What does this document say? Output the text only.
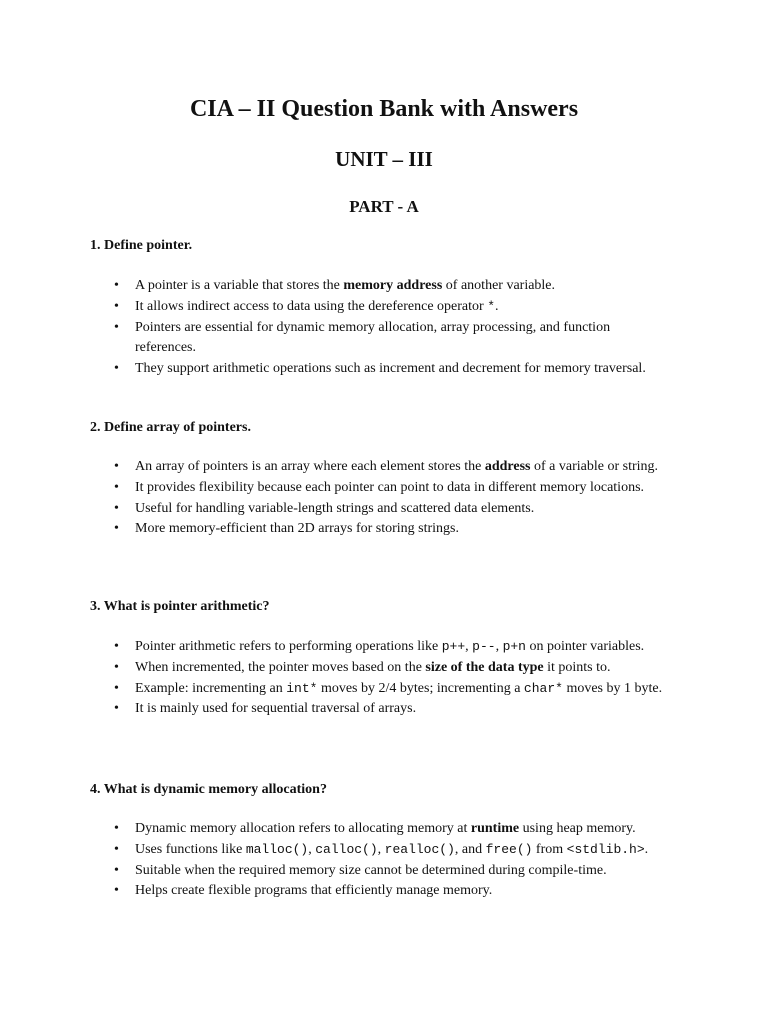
CIA – II Question Bank with Answers
UNIT – III
PART - A
1. Define pointer.
• A pointer is a variable that stores the memory address of another variable.
• It allows indirect access to data using the dereference operator *.
• Pointers are essential for dynamic memory allocation, array processing, and function references.
• They support arithmetic operations such as increment and decrement for memory traversal.
2. Define array of pointers.
• An array of pointers is an array where each element stores the address of a variable or string.
• It provides flexibility because each pointer can point to data in different memory locations.
• Useful for handling variable-length strings and scattered data elements.
• More memory-efficient than 2D arrays for storing strings.
3. What is pointer arithmetic?
• Pointer arithmetic refers to performing operations like p++, p--, p+n on pointer variables.
• When incremented, the pointer moves based on the size of the data type it points to.
• Example: incrementing an int* moves by 2/4 bytes; incrementing a char* moves by 1 byte.
• It is mainly used for sequential traversal of arrays.
4. What is dynamic memory allocation?
• Dynamic memory allocation refers to allocating memory at runtime using heap memory.
• Uses functions like malloc(), calloc(), realloc(), and free() from <stdlib.h>.
• Suitable when the required memory size cannot be determined during compile-time.
• Helps create flexible programs that efficiently manage memory.
